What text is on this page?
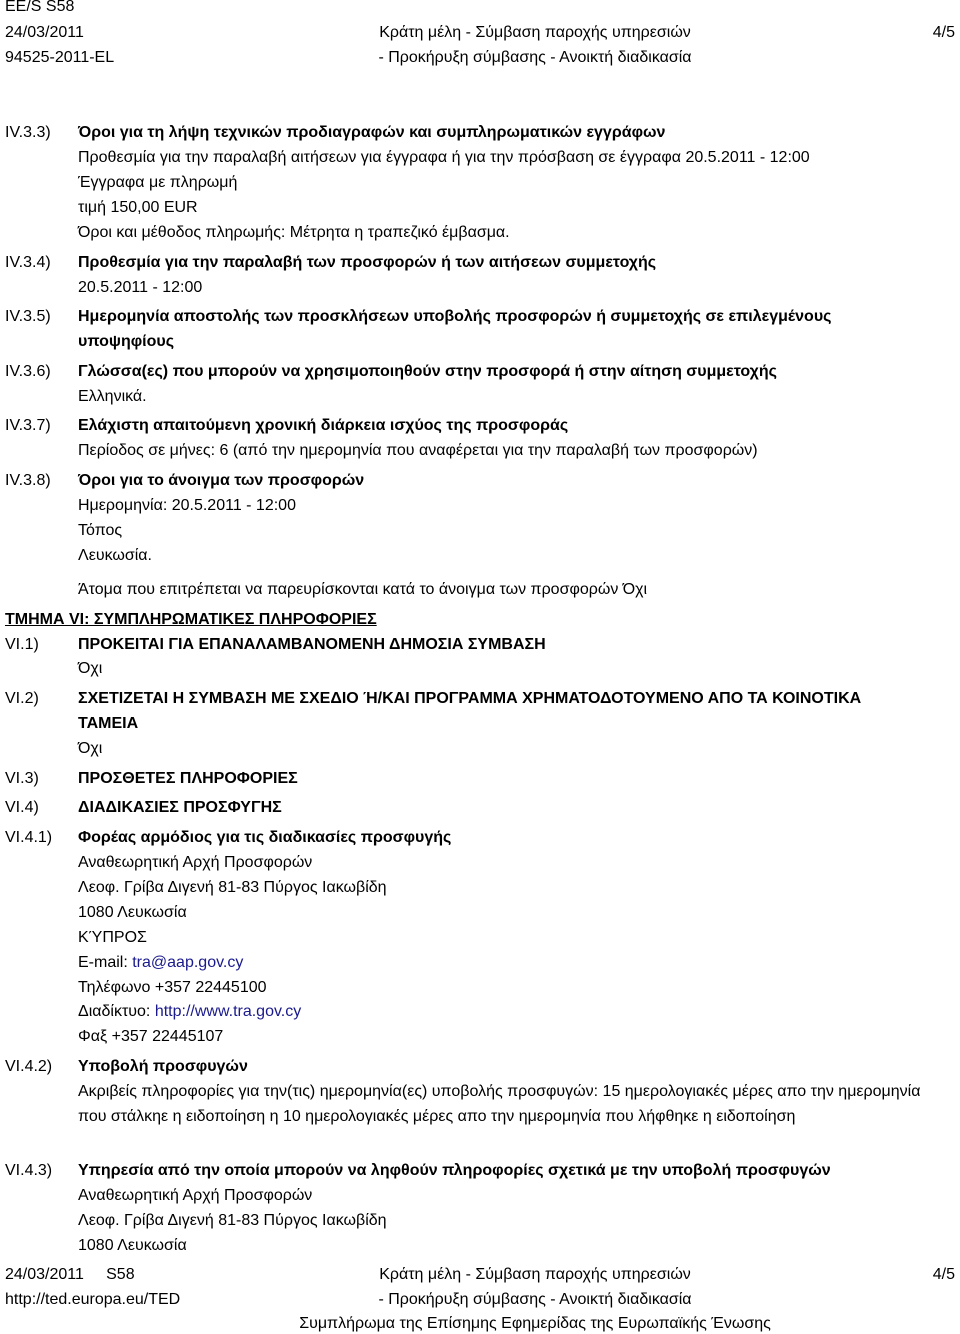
EE/S S58
24/03/2011
94525-2011-EL
Κράτη μέλη - Σύμβαση παροχής υπηρεσιών
- Προκήρυξη σύμβασης - Ανοικτή διαδικασία
4/5
IV.3.3) Όροι για τη λήψη τεχνικών προδιαγραφών και συμπληρωματικών εγγράφων
Προθεσμία για την παραλαβή αιτήσεων για έγγραφα ή για την πρόσβαση σε έγγραφα 20.5.2011 - 12:00
Έγγραφα με πληρωμή
τιμή 150,00 EUR
Όροι και μέθοδος πληρωμής: Μέτρητα η τραπεζικό έμβασμα.
IV.3.4) Προθεσμία για την παραλαβή των προσφορών ή των αιτήσεων συμμετοχής
20.5.2011 - 12:00
IV.3.5) Ημερομηνία αποστολής των προσκλήσεων υποβολής προσφορών ή συμμετοχής σε επιλεγμένους
υποψηφίους
IV.3.6) Γλώσσα(ες) που μπορούν να χρησιμοποιηθούν στην προσφορά ή στην αίτηση συμμετοχής
Ελληνικά.
IV.3.7) Ελάχιστη απαιτούμενη χρονική διάρκεια ισχύος της προσφοράς
Περίοδος σε μήνες: 6 (από την ημερομηνία που αναφέρεται για την παραλαβή των προσφορών)
IV.3.8) Όροι για το άνοιγμα των προσφορών
Ημερομηνία: 20.5.2011 - 12:00
Τόπος
Λευκωσία.
Άτομα που επιτρέπεται να παρευρίσκονται κατά το άνοιγμα των προσφορών Όχι
ΤΜΗΜΑ VI: ΣΥΜΠΛΗΡΩΜΑΤΙΚΕΣ ΠΛΗΡΟΦΟΡΙΕΣ
VI.1) ΠΡΟΚΕΙΤΑΙ ΓΙΑ ΕΠΑΝΑΛΑΜΒΑΝΟΜΕΝΗ ΔΗΜΟΣΙΑ ΣΥΜΒΑΣΗ
Όχι
VI.2) ΣΧΕΤΙΖΕΤΑΙ Η ΣΥΜΒΑΣΗ ΜΕ ΣΧΕΔΙΟ Ή/ΚΑΙ ΠΡΟΓΡΑΜΜΑ ΧΡΗΜΑΤΟΔΟΤΟΥΜΕΝΟ ΑΠΟ ΤΑ ΚΟΙΝΟΤΙΚΑ
ΤΑΜΕΙΑ
Όχι
VI.3) ΠΡΟΣΘΕΤΕΣ ΠΛΗΡΟΦΟΡΙΕΣ
VI.4) ΔΙΑΔΙΚΑΣΙΕΣ ΠΡΟΣΦΥΓΗΣ
VI.4.1) Φορέας αρμόδιος για τις διαδικασίες προσφυγής
Αναθεωρητική Αρχή Προσφορών
Λεοφ. Γρίβα Διγενή 81-83 Πύργος Ιακωβίδη
1080 Λευκωσία
ΚΎΠΡΟΣ
E-mail: tra@aap.gov.cy
Τηλέφωνο +357 22445100
Διαδίκτυο: http://www.tra.gov.cy
Φαξ +357 22445107
VI.4.2) Υποβολή προσφυγών
Ακριβείς πληροφορίες για την(τις) ημερομηνία(ες) υποβολής προσφυγών: 15 ημερολογιακές μέρες απο την ημερομηνία που στάλκηε η ειδοποίηση η 10 ημερολογιακές μέρες απο την ημερομηνία που λήφθηκε η ειδοποίηση
VI.4.3) Υπηρεσία από την οποία μπορούν να ληφθούν πληροφορίες σχετικά με την υποβολή προσφυγών
Αναθεωρητική Αρχή Προσφορών
Λεοφ. Γρίβα Διγενή 81-83 Πύργος Ιακωβίδη
1080 Λευκωσία
24/03/2011     S58
http://ted.europa.eu/TED
Κράτη μέλη - Σύμβαση παροχής υπηρεσιών
- Προκήρυξη σύμβασης - Ανοικτή διαδικασία
Συμπλήρωμα της Επίσημης Εφημερίδας της Ευρωπαϊκής Ένωσης
4/5
